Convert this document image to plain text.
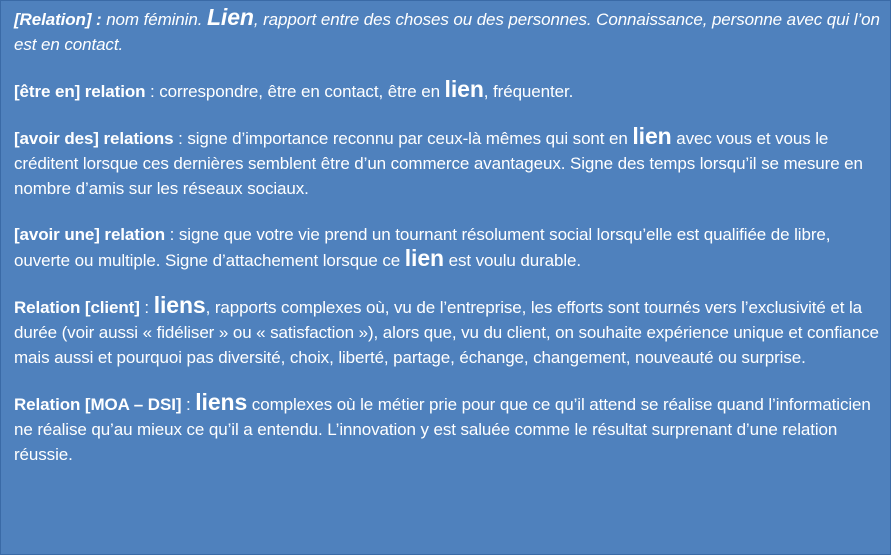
[Relation] : nom féminin. Lien, rapport entre des choses ou des personnes. Connaissance, personne avec qui l’on est en contact.

[être en] relation : correspondre, être en contact, être en lien, fréquenter.

[avoir des] relations : signe d’importance reconnu par ceux-là mêmes qui sont en lien avec vous et vous le créditent lorsque ces dernières semblent être d’un commerce avantageux. Signe des temps lorsqu’il se mesure en nombre d’amis sur les réseaux sociaux.

[avoir une] relation : signe que votre vie prend un tournant résolument social lorsqu’elle est qualifiée de libre, ouverte ou multiple. Signe d’attachement lorsque ce lien est voulu durable.

Relation [client] : liens, rapports complexes où, vu de l’entreprise, les efforts sont tournés vers l’exclusivité et la durée (voir aussi « fidéliser » ou « satisfaction »), alors que, vu du client, on souhaite expérience unique et confiance mais aussi et pourquoi pas diversité, choix, liberté, partage, échange, changement, nouveauté ou surprise.

Relation [MOA – DSI] : liens complexes où le métier prie pour que ce qu’il attend se réalise quand l’informaticien ne réalise qu’au mieux ce qu’il a entendu. L’innovation y est saluée comme le résultat surprenant d’une relation réussie.
